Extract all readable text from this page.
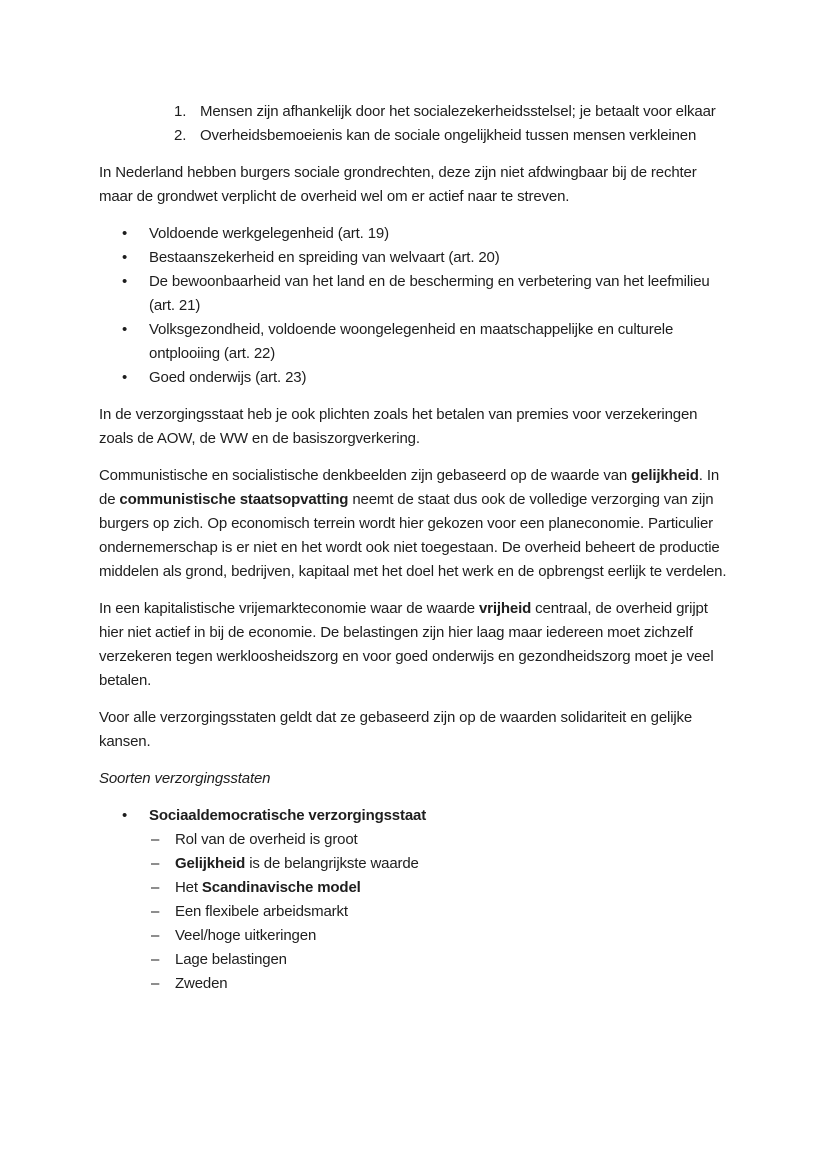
1. Mensen zijn afhankelijk door het socialezekerheidsstelsel; je betaalt voor elkaar
2. Overheidsbemoeienis kan de sociale ongelijkheid tussen mensen verkleinen

In Nederland hebben burgers sociale grondrechten, deze zijn niet afdwingbaar bij de rechter maar de grondwet verplicht de overheid wel om er actief naar te streven.

•	Voldoende werkgelegenheid (art. 19)
•	Bestaanszekerheid en spreiding van welvaart (art. 20)
•	De bewoonbaarheid van het land en de bescherming en verbetering van het leefmilieu (art. 21)
•	Volksgezondheid, voldoende woongelegenheid en maatschappelijke en culturele ontplooiing (art. 22)
•	Goed onderwijs (art. 23)

In de verzorgingsstaat heb je ook plichten zoals het betalen van premies voor verzekeringen zoals de AOW, de WW en de basiszorgverkering.

Communistische en socialistische denkbeelden zijn gebaseerd op de waarde van gelijkheid. In de communistische staatsopvatting neemt de staat dus ook de volledige verzorging van zijn burgers op zich. Op economisch terrein wordt hier gekozen voor een planeconomie. Particulier ondernemerschap is er niet en het wordt ook niet toegestaan. De overheid beheert de productie middelen als grond, bedrijven, kapitaal met het doel het werk en de opbrengst eerlijk te verdelen.

In een kapitalistische vrijemarkteconomie waar de waarde vrijheid centraal, de overheid grijpt hier niet actief in bij de economie. De belastingen zijn hier laag maar iedereen moet zichzelf verzekeren tegen werkloosheidszorg en voor goed onderwijs en gezondheidszorg moet je veel betalen.

Voor alle verzorgingsstaten geldt dat ze gebaseerd zijn op de waarden solidariteit en gelijke kansen.

Soorten verzorgingsstaten

•	Sociaaldemocratische verzorgingsstaat
–	Rol van de overheid is groot
–	Gelijkheid is de belangrijkste waarde
–	Het Scandinavische model
–	Een flexibele arbeidsmarkt
–	Veel/hoge uitkeringen
–	Lage belastingen
–	Zweden
